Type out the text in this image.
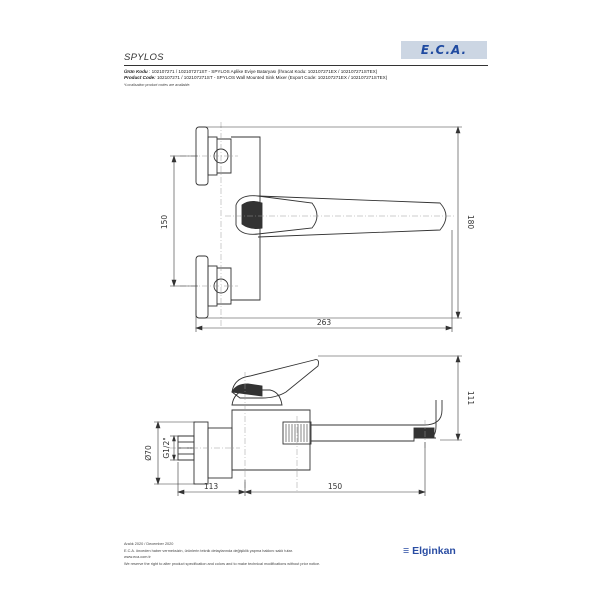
E.C.A.
SPYLOS
Ürün Kodu : 102107271 / 102107271ST - SPYLOS Aplike Eviye Bataryası (İhracat Kodu: 102107271EX / 102107271STEX)
Product Code: 102107271 / 102107271ST - SPYLOS Wall Mounted Sink Mixer (Export Code: 102107271EX / 102107271STEX)
*Localisation product codes are available.
150	180
263
111
Ø70 G1/2"
113	150
Aralık 2020 / December 2020
E.C.A. önceden haber vermeksizin, ürünlerin teknik detaylarında değişiklik yapma hakkını saklı tutar.
www.eca.com.tr
We reserve the right to alter product specification and colors and to make technical modifications without prior notice.
≡ Elginkan
